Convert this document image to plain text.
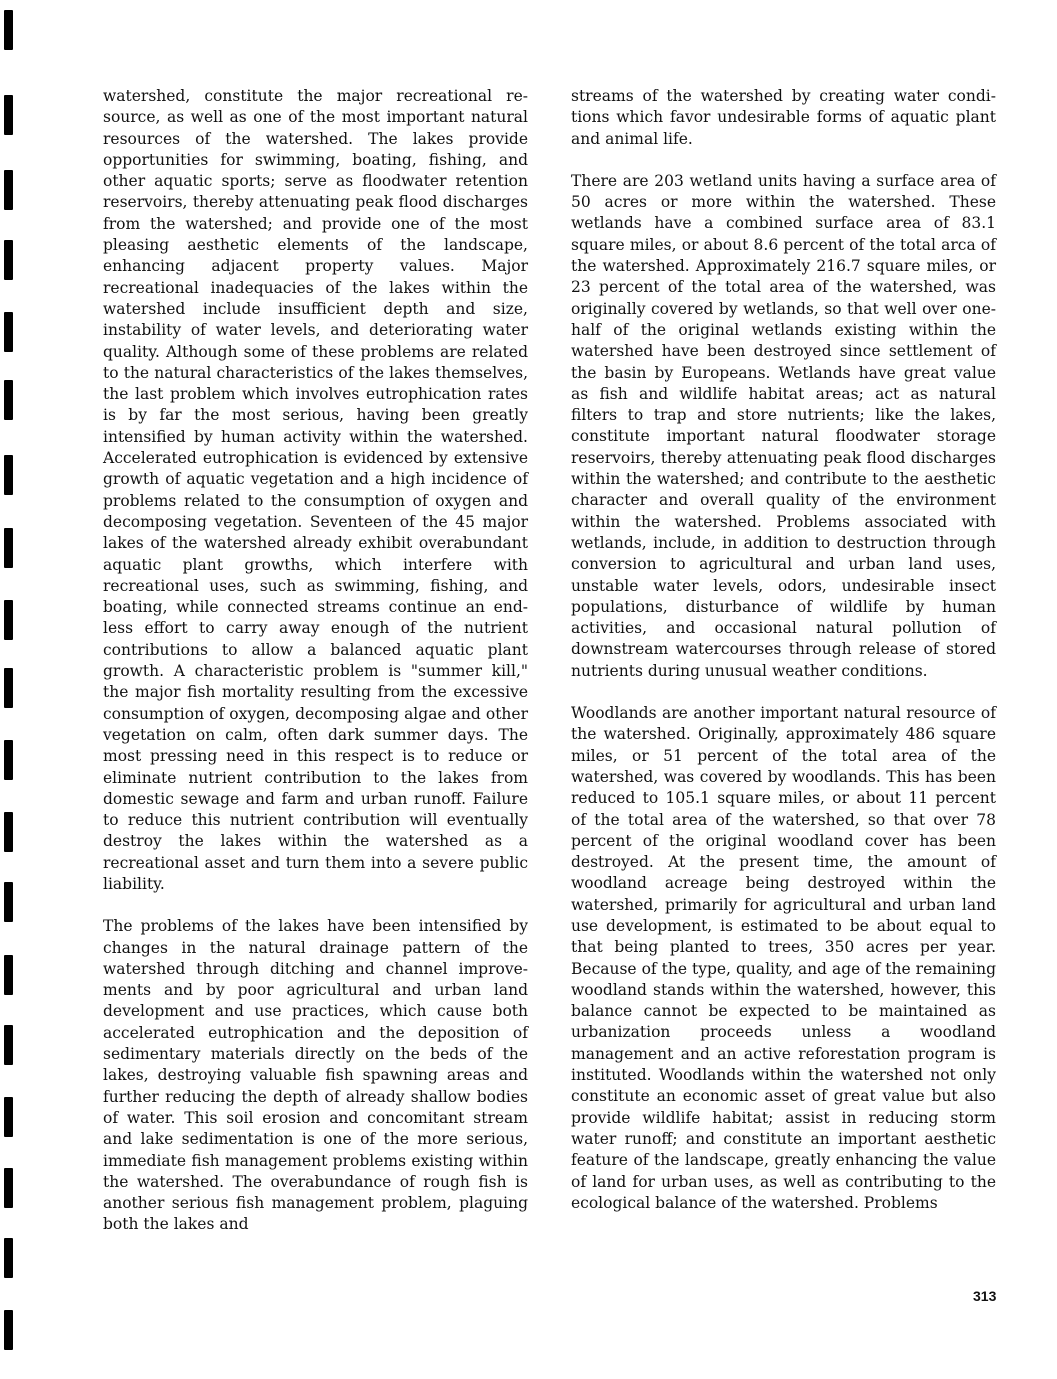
watershed, constitute the major recreational resource, as well as one of the most important natural resources of the watershed. The lakes provide opportunities for swimming, boating, fishing, and other aquatic sports; serve as floodwater retention reservoirs, thereby attenuating peak flood discharges from the watershed; and provide one of the most pleasing aesthetic elements of the landscape, enhancing adjacent property values. Major recreational inadequacies of the lakes within the watershed include insufficient depth and size, instability of water levels, and deteriorating water quality. Although some of these problems are related to the natural characteristics of the lakes themselves, the last problem which involves eutrophication rates is by far the most serious, having been greatly intensified by human activity within the watershed. Accelerated eutrophication is evidenced by extensive growth of aquatic vegetation and a high incidence of problems related to the consumption of oxygen and decomposing vegetation. Seventeen of the 45 major lakes of the watershed already exhibit overabundant aquatic plant growths, which interfere with recreational uses, such as swimming, fishing, and boating, while connected streams continue an endless effort to carry away enough of the nutrient contributions to allow a balanced aquatic plant growth. A characteristic problem is "summer kill," the major fish mortality resulting from the excessive consumption of oxygen, decomposing algae and other vegetation on calm, often dark summer days. The most pressing need in this respect is to reduce or eliminate nutrient contribution to the lakes from domestic sewage and farm and urban runoff. Failure to reduce this nutrient contribution will eventually destroy the lakes within the watershed as a recreational asset and turn them into a severe public liability.

The problems of the lakes have been intensified by changes in the natural drainage pattern of the watershed through ditching and channel improvements and by poor agricultural and urban land development and use practices, which cause both accelerated eutrophication and the deposition of sedimentary materials directly on the beds of the lakes, destroying valuable fish spawning areas and further reducing the depth of already shallow bodies of water. This soil erosion and concomitant stream and lake sedimentation is one of the more serious, immediate fish management problems existing within the watershed. The overabundance of rough fish is another serious fish management problem, plaguing both the lakes and

streams of the watershed by creating water conditions which favor undesirable forms of aquatic plant and animal life.

There are 203 wetland units having a surface area of 50 acres or more within the watershed. These wetlands have a combined surface area of 83.1 square miles, or about 8.6 percent of the total arca of the watershed. Approximately 216.7 square miles, or 23 percent of the total area of the watershed, was originally covered by wetlands, so that well over one-half of the original wetlands existing within the watershed have been destroyed since settlement of the basin by Europeans. Wetlands have great value as fish and wildlife habitat areas; act as natural filters to trap and store nutrients; like the lakes, constitute important natural floodwater storage reservoirs, thereby attenuating peak flood discharges within the watershed; and contribute to the aesthetic character and overall quality of the environment within the watershed. Problems associated with wetlands, include, in addition to destruction through conversion to agricultural and urban land uses, unstable water levels, odors, undesirable insect populations, disturbance of wildlife by human activities, and occasional natural pollution of downstream watercourses through release of stored nutrients during unusual weather conditions.

Woodlands are another important natural resource of the watershed. Originally, approximately 486 square miles, or 51 percent of the total area of the watershed, was covered by woodlands. This has been reduced to 105.1 square miles, or about 11 percent of the total area of the watershed, so that over 78 percent of the original woodland cover has been destroyed. At the present time, the amount of woodland acreage being destroyed within the watershed, primarily for agricultural and urban land use development, is estimated to be about equal to that being planted to trees, 350 acres per year. Because of the type, quality, and age of the remaining woodland stands within the watershed, however, this balance cannot be expected to be maintained as urbanization proceeds unless a woodland management and an active reforestation program is instituted. Woodlands within the watershed not only constitute an economic asset of great value but also provide wildlife habitat; assist in reducing storm water runoff; and constitute an important aesthetic feature of the landscape, greatly enhancing the value of land for urban uses, as well as contributing to the ecological balance of the watershed. Problems

313
